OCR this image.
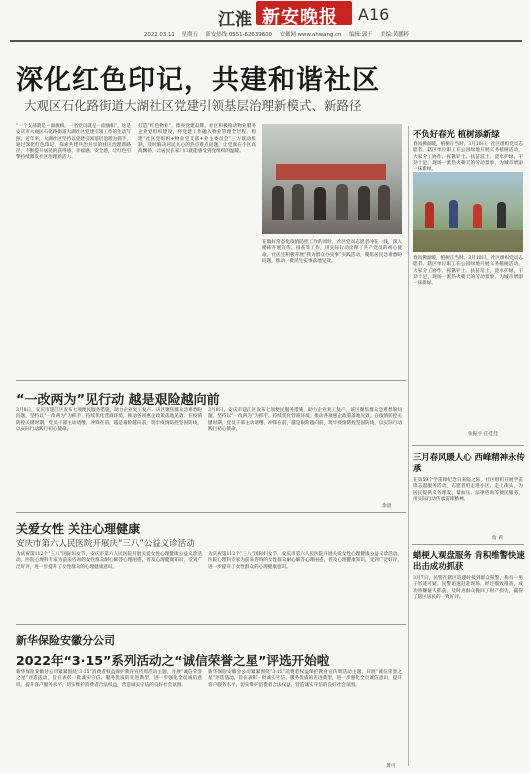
江淮 新安晚报 A16
2022.03.11 星期五 新安热线:0551-62639600 安徽网 www.ahwang.cn 编辑:郭干 美编:黄鹏粹
深化红色印记，共建和谐社区
大观区石化路街道大湖社区党建引领基层治理新模式、新路径
“一个支部就是一面旗帜，一名党员就是一面旗帜”，这是安庆市大观区石化路街道大湖社区党建引领工作的生动写照。近年来，大湖社区坚持以党建引领基层治理为抓手，通过深化红色印记，探索共建共治共享的社区治理新路径，不断提升居民的获得感、幸福感、安全感，让红色引擎持续激发社区治理新活力。
打造“红色物业”，擦亮党建品牌。社区积极推动物业服务企业党组织建设，将党建工作融入物业管理全过程，构建“社区党组织+物业党支部+业主委员会”三方联动机制，及时解决居民关心的热点难点问题，让党旗在小区高高飘扬，让居民在家门口就能感受到党组织的温暖。
在做好常态化疫情防控工作的同时，社区党员志愿者冲在一线，深入楼栋开展宣传、排查等工作，用实际行动诠释了共产党员的初心使命。社区还积极开展“我为群众办实事”实践活动，聚焦居民急难愁盼问题，推动一批民生实事落地见效。
不负好春光 植树添新绿
春风拂面暖，植树正当时。3月10日，社区组织党员志愿者、辖区单位职工在公园绿地开展义务植树活动，大家分工协作、挥锹铲土、扶苗培土、浇水护绿，干劲十足，现场一派热火朝天的劳动景象，为城市增添一抹新绿。
春风拂面暖，植树正当时。3月10日，社区组织党员志愿者、辖区单位职工在公园绿地开展义务植树活动，大家分工协作、挥锹铲土、扶苗培土、浇水护绿，干劲十足，现场一派热火朝天的劳动景象，为城市增添一抹新绿。
张振宇 任佳佳
三月春风暖人心 西峰精神永传承
在第59个学雷锋纪念日来临之际，社区组织开展学雷锋志愿服务活动，志愿者们走进小区、走上街头，为居民提供义务理发、量血压、法律咨询等便民服务，用实际行动传承雷锋精神。
詹 莉
蜡梗人观盘服务 肯积维警快速出击成功抓获
3月7日，民警在辖区巡逻时接到群众报警，称有一男子形迹可疑。民警迅速赶赴现场，经过细致排查，成功将嫌疑人抓获，及时为群众挽回了财产损失，赢得了辖区居民的一致好评。
“一改两为”见行动 越是艰险越向前
3月8日，安庆市迎江区发布七项便民服务措施，助力企业复工复产。该区聚焦群众急难愁盼问题，坚持以“一改两为”为抓手，持续优化营商环境，推动各项惠企政策落地见效。在疫情防控关键时期，党员干部主动请缨、冲锋在前，越是艰险越向前，筑牢疫情防控坚固防线，以实际行动践行初心使命。
3月8日，安庆市迎江区发布七项便民服务措施，助力企业复工复产。该区聚焦群众急难愁盼问题，坚持以“一改两为”为抓手，持续优化营商环境，推动各项惠企政策落地见效。在疫情防控关键时期，党员干部主动请缨、冲锋在前，越是艰险越向前，筑牢疫情防控坚固防线，以实际行动践行初心使命。
余晨
关爱女性 关注心理健康
安庆市第六人民医院开展庆“三八”公益义诊活动
为庆祝第112个“三八”国际妇女节，安庆市第六人民医院开展关爱女性心理健康公益义诊活动。医院心理科专家为前来咨询的女性群众耐心解答心理困惑，普及心理健康知识，受到广泛好评，进一步提升了女性群众的心理健康意识。
为庆祝第112个“三八”国际妇女节，安庆市第六人民医院开展关爱女性心理健康公益义诊活动。医院心理科专家为前来咨询的女性群众耐心解答心理困惑，普及心理健康知识，受到广泛好评，进一步提升了女性群众的心理健康意识。
新华保险安徽分公司
2022年“3·15”系列活动之“诚信荣誉之星”评选开始啦
新华保险安徽分公司紧紧围绕“3·15”消费者权益保护教育宣传周活动主题，开展“诚信荣誉之星”评选活动，旨在表彰一批诚实守信、服务优质的先进典型，进一步强化全员诚信意识，提升客户服务水平，切实维护消费者合法权益，营造诚实守信的良好社会氛围。
新华保险安徽分公司紧紧围绕“3·15”消费者权益保护教育宣传周活动主题，开展“诚信荣誉之星”评选活动，旨在表彰一批诚实守信、服务优质的先进典型，进一步强化全员诚信意识，提升客户服务水平，切实维护消费者合法权益，营造诚实守信的良好社会氛围。
黄可
